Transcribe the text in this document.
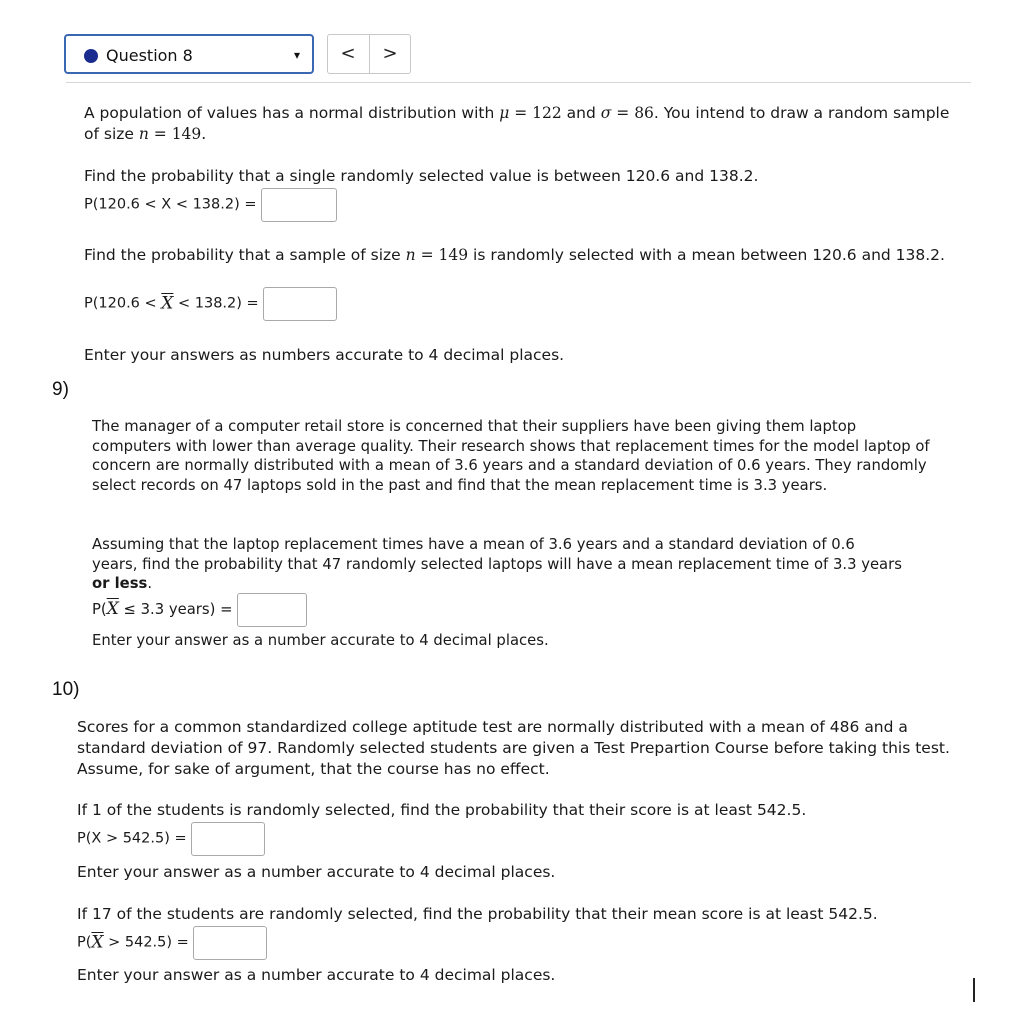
Question 8	▾	<	>
A population of values has a normal distribution with μ = 122 and σ = 86. You intend to draw a random sample of size n = 149.
Find the probability that a single randomly selected value is between 120.6 and 138.2.
P(120.6 < X < 138.2) =
Find the probability that a sample of size n = 149 is randomly selected with a mean between 120.6 and 138.2.
$P(120.6 < \overline{X} < 138.2)$ =
Enter your answers as numbers accurate to 4 decimal places.
9)
The manager of a computer retail store is concerned that their suppliers have been giving them laptop computers with lower than average quality. Their research shows that replacement times for the model laptop of concern are normally distributed with a mean of 3.6 years and a standard deviation of 0.6 years. They randomly select records on 47 laptops sold in the past and find that the mean replacement time is 3.3 years.
Assuming that the laptop replacement times have a mean of 3.6 years and a standard deviation of 0.6 years, find the probability that 47 randomly selected laptops will have a mean replacement time of 3.3 years or less.
$P(\overline{X} \le 3.3$ years) =
Enter your answer as a number accurate to 4 decimal places.
10)
Scores for a common standardized college aptitude test are normally distributed with a mean of 486 and a standard deviation of 97. Randomly selected students are given a Test Prepartion Course before taking this test. Assume, for sake of argument, that the course has no effect.
If 1 of the students is randomly selected, find the probability that their score is at least 542.5.
P(X > 542.5) =
Enter your answer as a number accurate to 4 decimal places.
If 17 of the students are randomly selected, find the probability that their mean score is at least 542.5.
$P(\overline{X} > 542.5)$ =
Enter your answer as a number accurate to 4 decimal places.
